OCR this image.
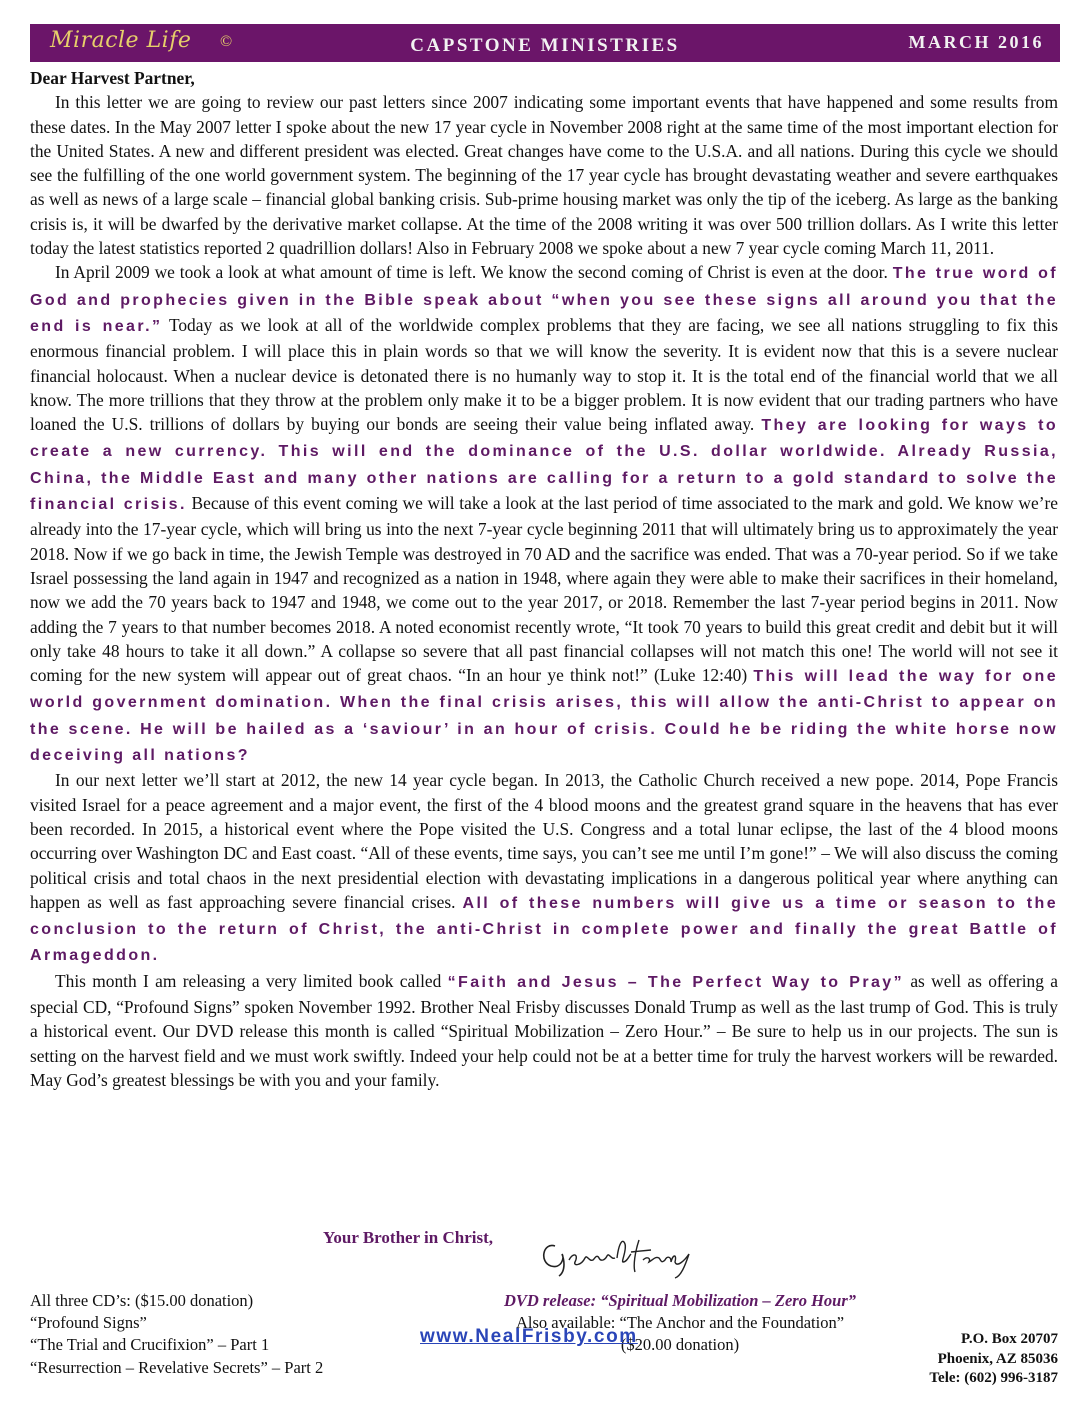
Miracle Life ©	CAPSTONE MINISTRIES	MARCH 2016

Dear Harvest Partner,

In this letter we are going to review our past letters since 2007 indicating some important events that have happened and some results from these dates. In the May 2007 letter I spoke about the new 17 year cycle in November 2008 right at the same time of the most important election for the United States. A new and different president was elected. Great changes have come to the U.S.A. and all nations. During this cycle we should see the fulfilling of the one world government system. The beginning of the 17 year cycle has brought devastating weather and severe earthquakes as well as news of a large scale – financial global banking crisis. Sub-prime housing market was only the tip of the iceberg. As large as the banking crisis is, it will be dwarfed by the derivative market collapse. At the time of the 2008 writing it was over 500 trillion dollars. As I write this letter today the latest statistics reported 2 quadrillion dollars! Also in February 2008 we spoke about a new 7 year cycle coming March 11, 2011.

In April 2009 we took a look at what amount of time is left. We know the second coming of Christ is even at the door. The true word of God and prophecies given in the Bible speak about “when you see these signs all around you that the end is near.” Today as we look at all of the worldwide complex problems that they are facing, we see all nations struggling to fix this enormous financial problem. I will place this in plain words so that we will know the severity. It is evident now that this is a severe nuclear financial holocaust. When a nuclear device is detonated there is no humanly way to stop it. It is the total end of the financial world that we all know. The more trillions that they throw at the problem only make it to be a bigger problem. It is now evident that our trading partners who have loaned the U.S. trillions of dollars by buying our bonds are seeing their value being inflated away. They are looking for ways to create a new currency. This will end the dominance of the U.S. dollar worldwide. Already Russia, China, the Middle East and many other nations are calling for a return to a gold standard to solve the financial crisis. Because of this event coming we will take a look at the last period of time associated to the mark and gold. We know we’re already into the 17-year cycle, which will bring us into the next 7-year cycle beginning 2011 that will ultimately bring us to approximately the year 2018. Now if we go back in time, the Jewish Temple was destroyed in 70 AD and the sacrifice was ended. That was a 70-year period. So if we take Israel possessing the land again in 1947 and recognized as a nation in 1948, where again they were able to make their sacrifices in their homeland, now we add the 70 years back to 1947 and 1948, we come out to the year 2017, or 2018. Remember the last 7-year period begins in 2011. Now adding the 7 years to that number becomes 2018. A noted economist recently wrote, “It took 70 years to build this great credit and debit but it will only take 48 hours to take it all down.” A collapse so severe that all past financial collapses will not match this one! The world will not see it coming for the new system will appear out of great chaos. “In an hour ye think not!” (Luke 12:40) This will lead the way for one world government domination. When the final crisis arises, this will allow the anti-Christ to appear on the scene. He will be hailed as a ‘saviour’ in an hour of crisis. Could he be riding the white horse now deceiving all nations?

In our next letter we’ll start at 2012, the new 14 year cycle began. In 2013, the Catholic Church received a new pope. 2014, Pope Francis visited Israel for a peace agreement and a major event, the first of the 4 blood moons and the greatest grand square in the heavens that has ever been recorded. In 2015, a historical event where the Pope visited the U.S. Congress and a total lunar eclipse, the last of the 4 blood moons occurring over Washington DC and East coast. “All of these events, time says, you can’t see me until I’m gone!” – We will also discuss the coming political crisis and total chaos in the next presidential election with devastating implications in a dangerous political year where anything can happen as well as fast approaching severe financial crises. All of these numbers will give us a time or season to the conclusion to the return of Christ, the anti-Christ in complete power and finally the great Battle of Armageddon.

This month I am releasing a very limited book called “Faith and Jesus – The Perfect Way to Pray” as well as offering a special CD, “Profound Signs” spoken November 1992. Brother Neal Frisby discusses Donald Trump as well as the last trump of God. This is truly a historical event. Our DVD release this month is called “Spiritual Mobilization – Zero Hour.” – Be sure to help us in our projects. The sun is setting on the harvest field and we must work swiftly. Indeed your help could not be at a better time for truly the harvest workers will be rewarded. May God’s greatest blessings be with you and your family.

Your Brother in Christ,
All three CD’s: ($15.00 donation)
“Profound Signs”
“The Trial and Crucifixion” – Part 1
“Resurrection – Revelative Secrets” – Part 2
DVD release: “Spiritual Mobilization – Zero Hour”
Also available: “The Anchor and the Foundation”
($20.00 donation)
www.NealFrisby.com	P.O. Box 20707
Phoenix, AZ 85036
Tele: (602) 996-3187
